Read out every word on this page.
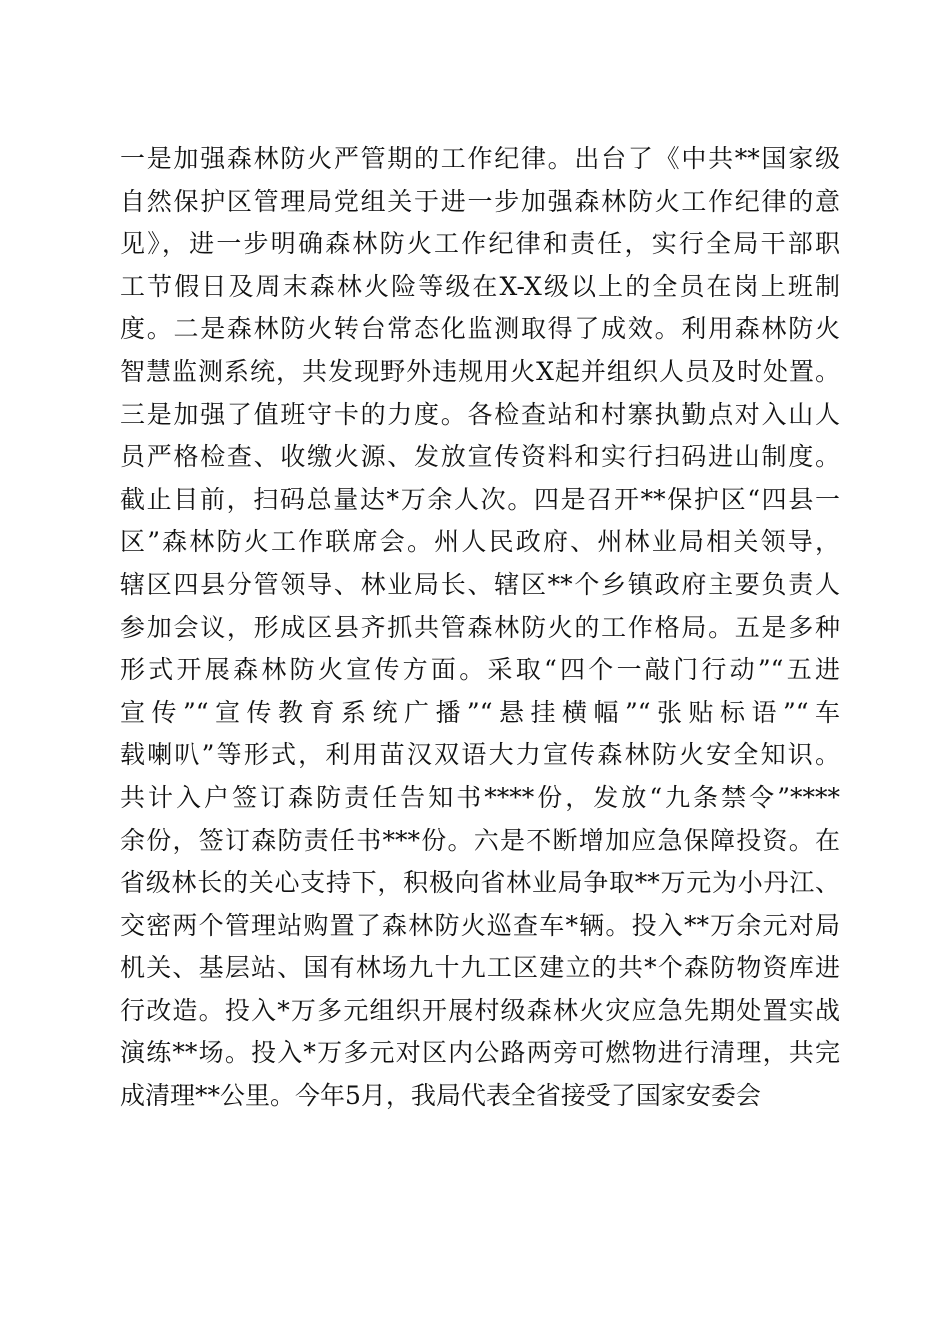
一是加强森林防火严管期的工作纪律。出台了《中共**国家级
自然保护区管理局党组关于进一步加强森林防火工作纪律的意
见》，进一步明确森林防火工作纪律和责任，实行全局干部职
工节假日及周末森林火险等级在X-X级以上的全员在岗上班制
度。二是森林防火转台常态化监测取得了成效。利用森林防火
智慧监测系统，共发现野外违规用火X起并组织人员及时处置。
三是加强了值班守卡的力度。各检查站和村寨执勤点对入山人
员严格检查、收缴火源、发放宣传资料和实行扫码进山制度。
截止目前，扫码总量达*万余人次。四是召开**保护区“四县一
区”森林防火工作联席会。州人民政府、州林业局相关领导，
辖区四县分管领导、林业局长、辖区**个乡镇政府主要负责人
参加会议，形成区县齐抓共管森林防火的工作格局。五是多种
形式开展森林防火宣传方面。采取“四个一敲门行动”“五进
宣传”“宣传教育系统广播”“悬挂横幅”“张贴标语”“车
载喇叭”等形式，利用苗汉双语大力宣传森林防火安全知识。
共计入户签订森防责任告知书****份，发放“九条禁令”****
余份，签订森防责任书***份。六是不断增加应急保障投资。在
省级林长的关心支持下，积极向省林业局争取**万元为小丹江、
交密两个管理站购置了森林防火巡查车*辆。投入**万余元对局
机关、基层站、国有林场九十九工区建立的共*个森防物资库进
行改造。投入*万多元组织开展村级森林火灾应急先期处置实战
演练**场。投入*万多元对区内公路两旁可燃物进行清理，共完
成清理**公里。今年5月，我局代表全省接受了国家安委会
